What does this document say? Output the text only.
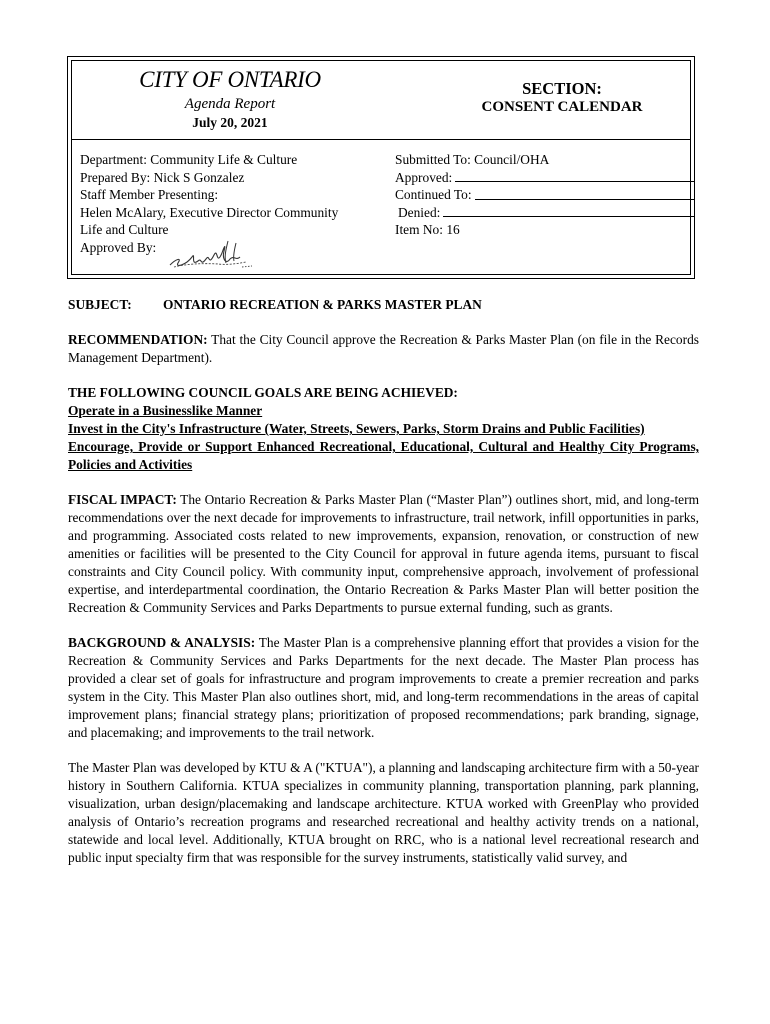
CITY OF ONTARIO
Agenda Report
July 20, 2021
SECTION:
CONSENT CALENDAR
Department: Community Life & Culture
Prepared By: Nick S Gonzalez
Staff Member Presenting:
Helen McAlary, Executive Director Community
Life and Culture
Approved By:
Submitted To: Council/OHA
Approved:
Continued To:
Denied:
Item No: 16
SUBJECT:	ONTARIO RECREATION & PARKS MASTER PLAN

RECOMMENDATION: That the City Council approve the Recreation & Parks Master Plan (on file in the Records Management Department).

THE FOLLOWING COUNCIL GOALS ARE BEING ACHIEVED:

Operate in a Businesslike Manner
Invest in the City's Infrastructure (Water, Streets, Sewers, Parks, Storm Drains and Public Facilities)
Encourage, Provide or Support Enhanced Recreational, Educational, Cultural and Healthy City Programs, Policies and Activities

FISCAL IMPACT: The Ontario Recreation & Parks Master Plan (“Master Plan”) outlines short, mid, and long-term recommendations over the next decade for improvements to infrastructure, trail network, infill opportunities in parks, and programming. Associated costs related to new improvements, expansion, renovation, or construction of new amenities or facilities will be presented to the City Council for approval in future agenda items, pursuant to fiscal constraints and City Council policy. With community input, comprehensive approach, involvement of professional expertise, and interdepartmental coordination, the Ontario Recreation & Parks Master Plan will better position the Recreation & Community Services and Parks Departments to pursue external funding, such as grants.

BACKGROUND & ANALYSIS: The Master Plan is a comprehensive planning effort that provides a vision for the Recreation & Community Services and Parks Departments for the next decade. The Master Plan process has provided a clear set of goals for infrastructure and program improvements to create a premier recreation and parks system in the City. This Master Plan also outlines short, mid, and long-term recommendations in the areas of capital improvement plans; financial strategy plans; prioritization of proposed recommendations; park branding, signage, and placemaking; and improvements to the trail network.

The Master Plan was developed by KTU & A ("KTUA"), a planning and landscaping architecture firm with a 50-year history in Southern California. KTUA specializes in community planning, transportation planning, park planning, visualization, urban design/placemaking and landscape architecture. KTUA worked with GreenPlay who provided analysis of Ontario’s recreation programs and researched recreational and healthy activity trends on a national, statewide and local level. Additionally, KTUA brought on RRC, who is a national level recreational research and public input specialty firm that was responsible for the survey instruments, statistically valid survey, and
